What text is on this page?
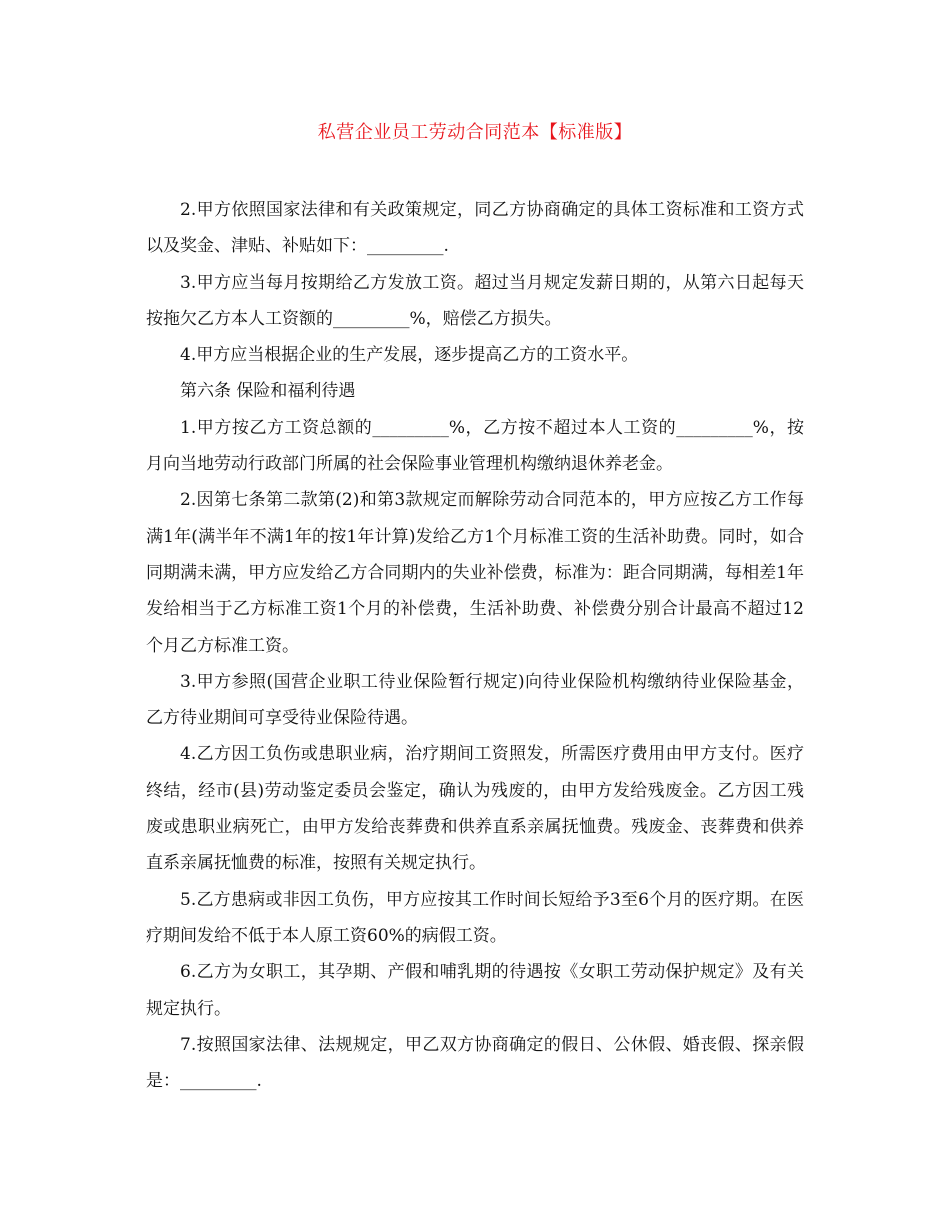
私营企业员工劳动合同范本【标准版】

2.甲方依照国家法律和有关政策规定，同乙方协商确定的具体工资标准和工资方式以及奖金、津贴、补贴如下：_________.

3.甲方应当每月按期给乙方发放工资。超过当月规定发薪日期的，从第六日起每天按拖欠乙方本人工资额的_________%，赔偿乙方损失。

4.甲方应当根据企业的生产发展，逐步提高乙方的工资水平。

第六条 保险和福利待遇

1.甲方按乙方工资总额的_________%，乙方按不超过本人工资的_________%，按月向当地劳动行政部门所属的社会保险事业管理机构缴纳退休养老金。

2.因第七条第二款第(2)和第3款规定而解除劳动合同范本的，甲方应按乙方工作每满1年(满半年不满1年的按1年计算)发给乙方1个月标准工资的生活补助费。同时，如合同期满未满，甲方应发给乙方合同期内的失业补偿费，标准为：距合同期满，每相差1年发给相当于乙方标准工资1个月的补偿费，生活补助费、补偿费分别合计最高不超过12个月乙方标准工资。

3.甲方参照(国营企业职工待业保险暂行规定)向待业保险机构缴纳待业保险基金，乙方待业期间可享受待业保险待遇。

4.乙方因工负伤或患职业病，治疗期间工资照发，所需医疗费用由甲方支付。医疗终结，经市(县)劳动鉴定委员会鉴定，确认为残废的，由甲方发给残废金。乙方因工残废或患职业病死亡，由甲方发给丧葬费和供养直系亲属抚恤费。残废金、丧葬费和供养直系亲属抚恤费的标准，按照有关规定执行。

5.乙方患病或非因工负伤，甲方应按其工作时间长短给予3至6个月的医疗期。在医疗期间发给不低于本人原工资60%的病假工资。

6.乙方为女职工，其孕期、产假和哺乳期的待遇按《女职工劳动保护规定》及有关规定执行。

7.按照国家法律、法规规定，甲乙双方协商确定的假日、公休假、婚丧假、探亲假是：_________.
